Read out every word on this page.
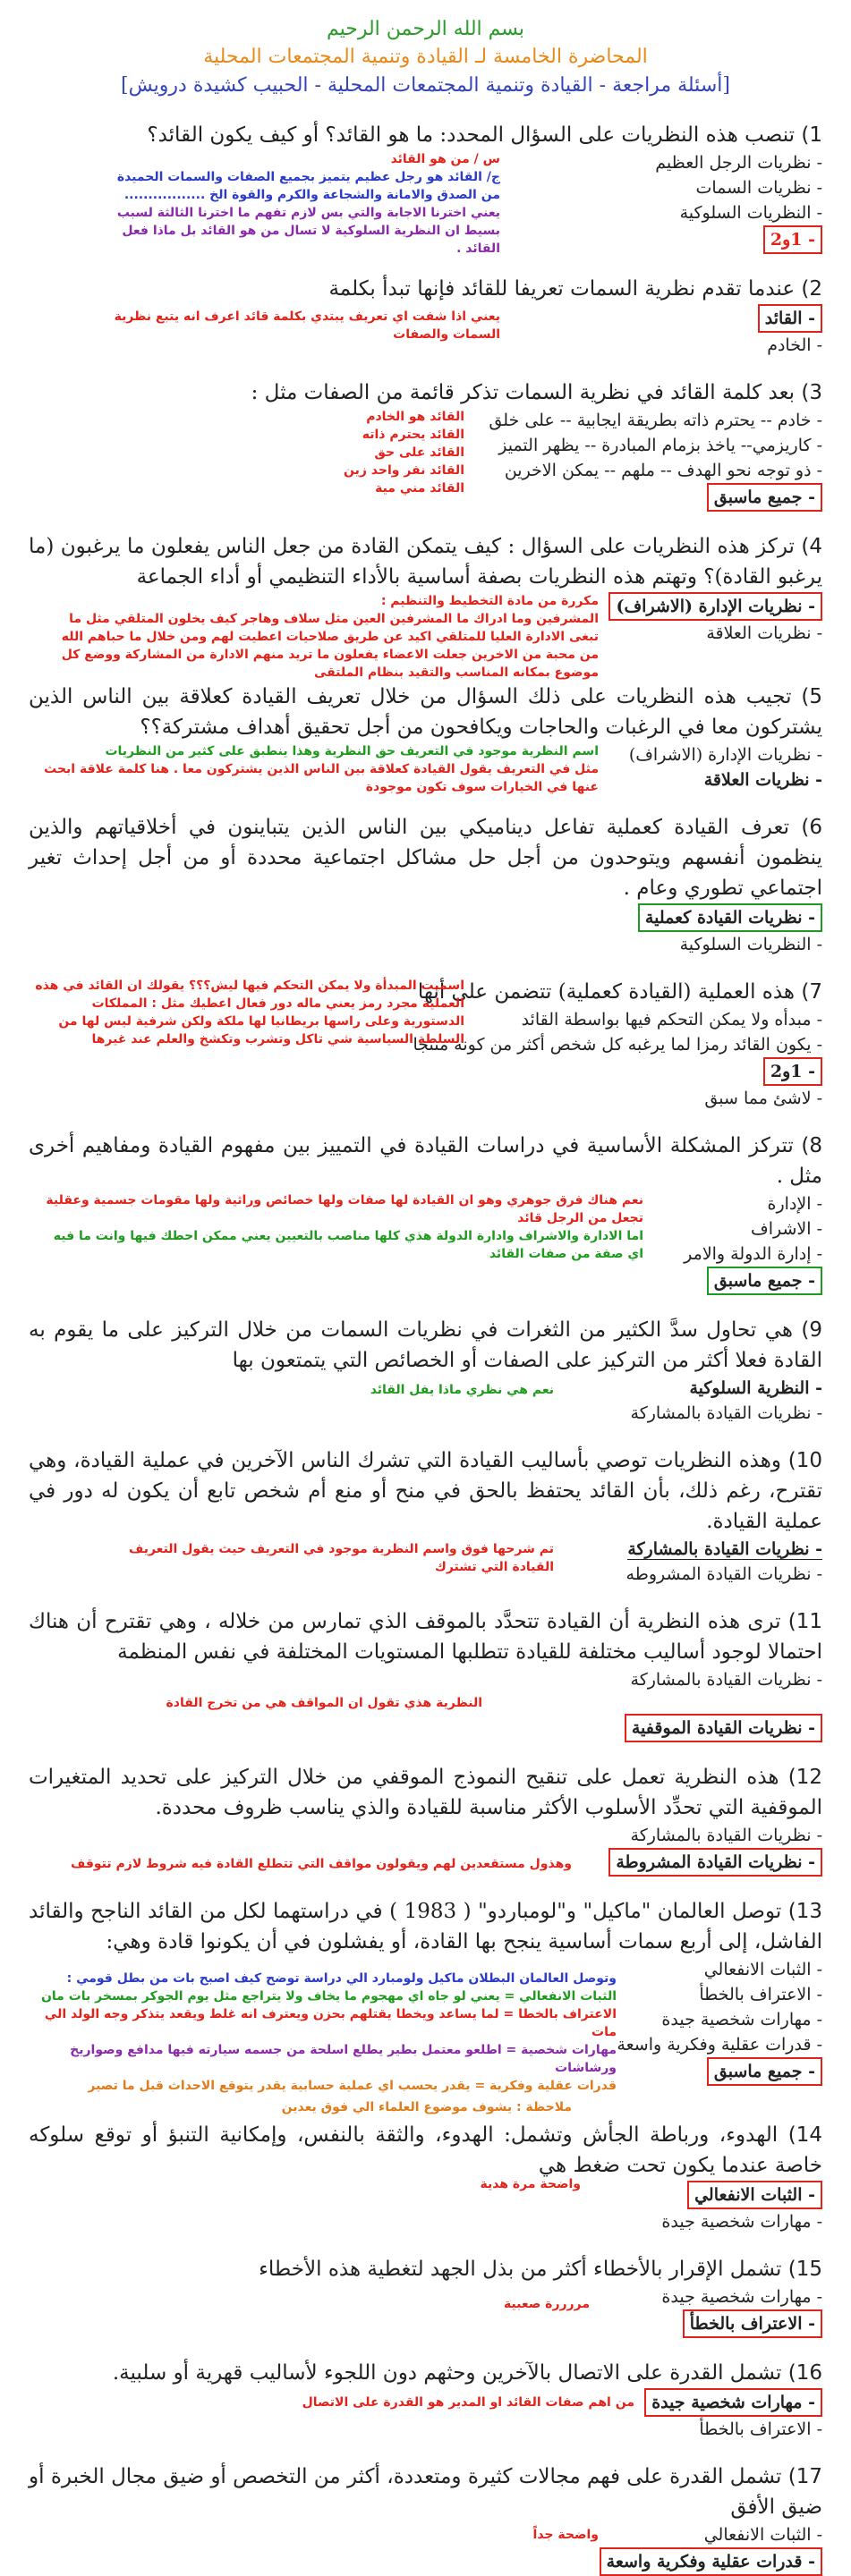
بسم الله الرحمن الرحيم
المحاضرة الخامسة لـ القيادة وتنمية المجتمعات المحلية
[أسئلة مراجعة - القيادة وتنمية المجتمعات المحلية - الحبيب كشيدة درويش]
1) تنصب هذه النظريات على السؤال المحدد: ما هو القائد؟ أو كيف يكون القائد؟
- نظريات الرجل العظيم
- نظريات السمات
- النظريات السلوكية
- 1و2
س / من هو القائد
ج/ القائد هو رجل عظيم يتميز بجميع الصفات والسمات الحميدة من الصدق والامانة والشجاعة والكرم والقوة الخ .................
يعني اخترنا الاجابة والتي بس لازم تفهم ما اخترنا الثالثة لسبب بسيط ان النظرية السلوكية لا تسال من هو القائد بل ماذا فعل القائد .
2) عندما تقدم نظرية السمات تعريفا للقائد فإنها تبدأ بكلمة
- القائد
- الخادم
يعني اذا شفت اي تعريف يبتدي بكلمة قائد اعرف انه يتبع نظرية السمات والصفات
3) بعد كلمة القائد في نظرية السمات تذكر قائمة من الصفات مثل :
- خادم -- يحترم ذاته بطريقة ايجابية -- على خلق
- كاريزمي-- ياخذ بزمام المبادرة -- يظهر التميز
- ذو توجه نحو الهدف -- ملهم -- يمكن الاخرين
- جميع ماسبق
القائد هو الخادم
القائد يحترم ذاته
القائد على حق
القائد نفر واحد زين
القائد مني مية
4) تركز هذه النظريات على السؤال : كيف يتمكن القادة من جعل الناس يفعلون ما يرغبون (ما يرغبو القادة)؟ وتهتم هذه النظريات بصفة أساسية بالأداء التنظيمي أو أداء الجماعة
- نظريات الإدارة (الاشراف)
- نظريات العلاقة
مكررة من مادة التخطيط والتنظيم :
المشرفين وما ادراك ما المشرفين العين مثل سلاف وهاجر كيف يخلون المتلقي مثل ما تبغى الادارة العليا للمتلقي اكيد عن طريق صلاحيات اعطيت لهم ومن خلال ما حباهم الله من محبة من الاخرين جعلت الاعضاء يفعلون ما تريد منهم الادارة من المشاركة ووضع كل موضوع بمكانه المناسب والتقيد بنظام الملتقى
5) تجيب هذه النظريات على ذلك السؤال من خلال تعريف القيادة كعلاقة بين الناس الذين يشتركون معا في الرغبات والحاجات ويكافحون من أجل تحقيق أهداف مشتركة؟؟
- نظريات الإدارة (الاشراف)
- نظريات العلاقة
اسم النظرية موجود في التعريف حق النظرية وهذا ينطبق على كثير من النظريات
مثل في التعريف يقول القيادة كعلاقة بين الناس الذين يشتركون معا . هنا كلمة علاقة ابحث عنها في الخيارات سوف تكون موجودة
6) تعرف القيادة كعملية تفاعل ديناميكي بين الناس الذين يتباينون في أخلاقياتهم والذين ينظمون أنفسهم ويتوحدون من أجل حل مشاكل اجتماعية محددة أو من أجل إحداث تغير اجتماعي تطوري وعام .
- نظريات القيادة كعملية
- النظريات السلوكية
7) هذه العملية (القيادة كعملية) تتضمن على أنها
- مبدأه ولا يمكن التحكم فيها بواسطة القائد
- يكون القائد رمزا لما يرغبه كل شخص أكثر من كونه منتجا
- 1و2
- لاشئ مما سبق
اسميت المبدأة ولا يمكن التحكم فيها ليش؟؟؟ يقولك ان القائد في هذه العملية مجرد رمز يعني ماله دور فعال اعطيك مثل : المملكات الدستورية وعلى راسها بريطانيا لها ملكة ولكن شرفية ليس لها من السلطة السياسية شي تاكل وتشرب وتكشخ والعلم عند غيرها
8) تتركز المشكلة الأساسية في دراسات القيادة في التمييز بين مفهوم القيادة ومفاهيم أخرى مثل .
- الإدارة
- الاشراف
- إدارة الدولة والامر
- جميع ماسبق
نعم هناك فرق جوهري وهو ان القيادة لها صفات ولها خصائص وراثية ولها مقومات جسمية وعقلية تجعل من الرجل قائد
اما الادارة والاشراف وادارة الدولة هذي كلها مناصب بالتعيين يعني ممكن احطك فيها وانت ما فيه اي صفة من صفات القائد
9) هي تحاول سدَّ الكثير من الثغرات في نظريات السمات من خلال التركيز على ما يقوم به القادة فعلا أكثر من التركيز على الصفات أو الخصائص التي يتمتعون بها
- النظرية السلوكية
- نظريات القيادة بالمشاركة
نعم هي نظري ماذا يفل القائد
10) وهذه النظريات توصي بأساليب القيادة التي تشرك الناس الآخرين في عملية القيادة، وهي تقترح، رغم ذلك، بأن القائد يحتفظ بالحق في منح أو منع أم شخص تابع أن يكون له دور في عملية القيادة.
- نظريات القيادة بالمشاركة
- نظريات القيادة المشروطه
تم شرحها فوق واسم النظرية موجود في التعريف حيث يقول التعريف القيادة التي تشترك
11) ترى هذه النظرية أن القيادة تتحدَّد بالموقف الذي تمارس من خلاله ، وهي تقترح أن هناك احتمالا لوجود أساليب مختلفة للقيادة تتطلبها المستويات المختلفة في نفس المنظمة
- نظريات القيادة بالمشاركة
النظرية هذي تقول ان المواقف هي من تخرج القادة
- نظريات القيادة الموقفية
12) هذه النظرية تعمل على تنقيح النموذج الموقفي من خلال التركيز على تحديد المتغيرات الموقفية التي تحدِّد الأسلوب الأكثر مناسبة للقيادة والذي يناسب ظروف محددة.
- نظريات القيادة بالمشاركة
- نظريات القيادة المشروطة
وهذول مستقعدين لهم ويقولون مواقف التي تتطلع القادة فيه شروط لازم تتوقف
13) توصل العالمان "ماكيل" و"لومباردو" ( 1983 ) في دراستهما لكل من القائد الناجح والقائد الفاشل، إلى أربع سمات أساسية ينجح بها القادة، أو يفشلون في أن يكونوا قادة وهي:
- الثبات الانفعالي
- الاعتراف بالخطأ
- مهارات شخصية جيدة
- قدرات عقلية وفكرية واسعة
- جميع ماسبق
وتوصل العالمان البطلان ماكيل ولومبارد الي دراسة توضح كيف اصبح بات من بطل قومي :
الثبات الانفعالي = يعني لو جاه اي مهجوم ما يخاف ولا يتراجع مثل يوم الجوكر بمسخر بات مان
الاعتراف بالخطا = لما يساعد ويخطا يقتلهم بحزن ويعترف انه غلط ويقعد يتذكر وجه الولد الي مات
مهارات شخصية = اطلعو معتمل بطير يطلع اسلحة من جسمه سيارته فيها مدافع وصواريخ ورشاشات
قدرات عقلية وفكرية = يقدر يحسب اي عملية حسابية يقدر يتوقع الاحداث قبل ما تصير
ملاحظة : يشوف موضوع العلماء الي فوق يعدين
14) الهدوء، ورباطة الجأش وتشمل: الهدوء، والثقة بالنفس، وإمكانية التنبؤ أو توقع سلوكه خاصة عندما يكون تحت ضغط هي
- الثبات الانفعالي
- مهارات شخصية جيدة
واضحة مرة هدية
15) تشمل الإقرار بالأخطاء أكثر من بذل الجهد لتغطية هذه الأخطاء
- مهارات شخصية جيدة
- الاعتراف بالخطأ
مررررة صعبية
16) تشمل القدرة على الاتصال بالآخرين وحثهم دون اللجوء لأساليب قهرية أو سلبية.
- مهارات شخصية جيدة
- الاعتراف بالخطأ
من اهم صفات القائد او المدير هو القدرة على الاتصال
17) تشمل القدرة على فهم مجالات كثيرة ومتعددة، أكثر من التخصص أو ضيق مجال الخبرة أو ضيق الأفق
- الثبات الانفعالي
- قدرات عقلية وفكرية واسعة
واضحة جداً
